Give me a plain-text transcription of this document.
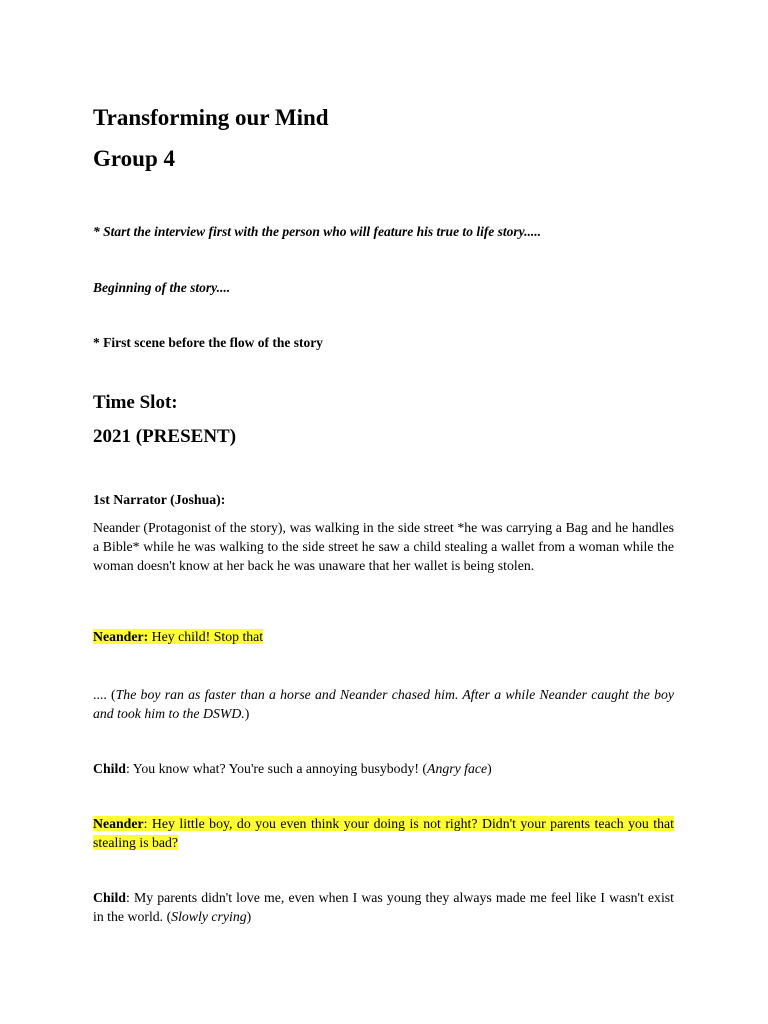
Transforming our Mind
Group 4
* Start the interview first with the person who will feature his true to life story.....
Beginning of the story....
* First scene before the flow of the story
Time Slot:
2021 (PRESENT)
1st Narrator (Joshua):

Neander (Protagonist of the story), was walking in the side street *he was carrying a Bag and he handles a Bible* while he was walking to the side street he saw a child stealing a wallet from a woman while the woman doesn't know at her back he was unaware that her wallet is being stolen.

Neander: Hey child! Stop that

.... (The boy ran as faster than a horse and Neander chased him. After a while Neander caught the boy and took him to the DSWD.)

Child: You know what? You're such a annoying busybody! (Angry face)

Neander: Hey little boy, do you even think your doing is not right? Didn't your parents teach you that stealing is bad?

Child: My parents didn't love me, even when I was young they always made me feel like I wasn't exist in the world. (Slowly crying)
